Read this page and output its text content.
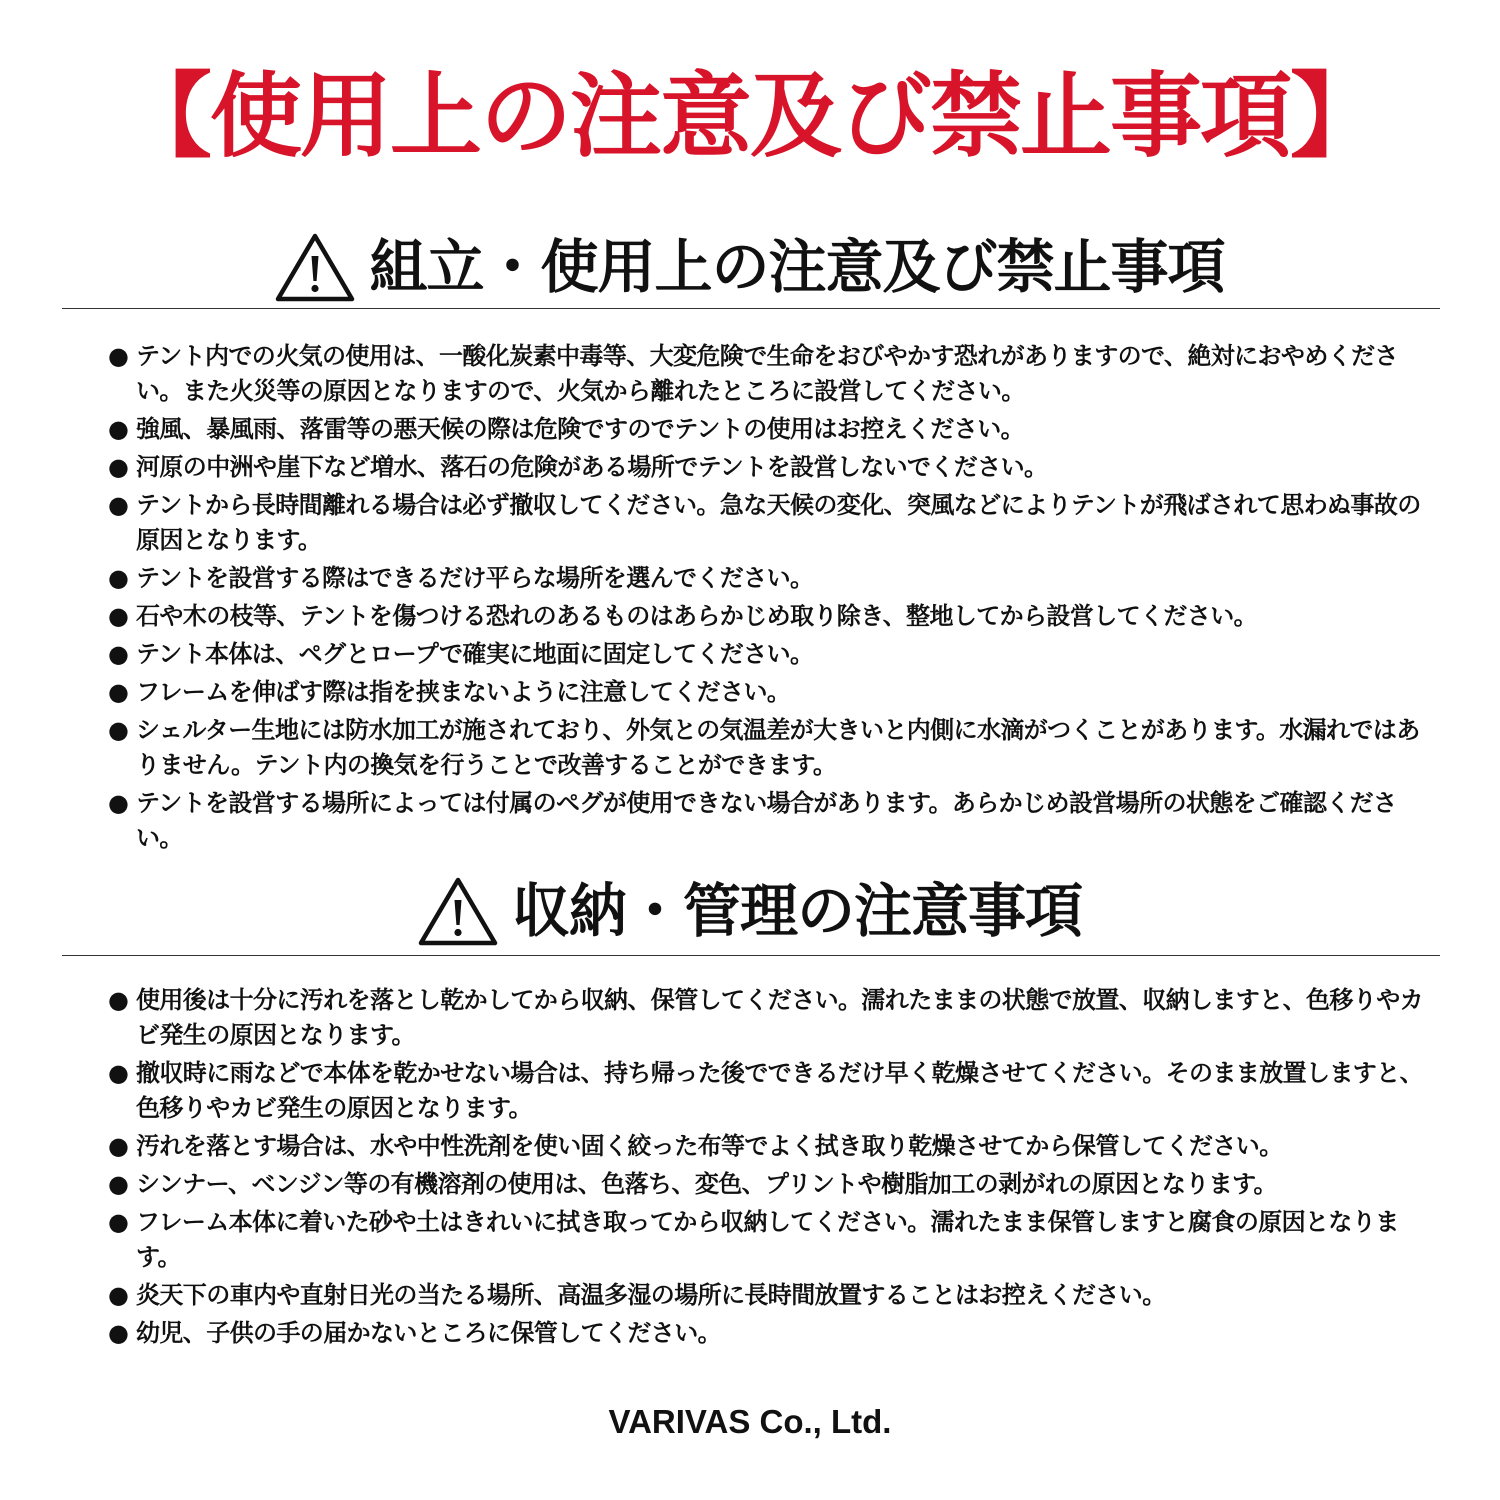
【使用上の注意及び禁止事項】
組立・使用上の注意及び禁止事項
● テント内での火気の使用は、一酸化炭素中毒等、大変危険で生命をおびやかす恐れがありますので、絶対におやめください。また火災等の原因となりますので、火気から離れたところに設営してください。
● 強風、暴風雨、落雷等の悪天候の際は危険ですのでテントの使用はお控えください。
● 河原の中洲や崖下など増水、落石の危険がある場所でテントを設営しないでください。
● テントから長時間離れる場合は必ず撤収してください。急な天候の変化、突風などによりテントが飛ばされて思わぬ事故の原因となります。
● テントを設営する際はできるだけ平らな場所を選んでください。
● 石や木の枝等、テントを傷つける恐れのあるものはあらかじめ取り除き、整地してから設営してください。
● テント本体は、ペグとロープで確実に地面に固定してください。
● フレームを伸ばす際は指を挟まないように注意してください。
● シェルター生地には防水加工が施されており、外気との気温差が大きいと内側に水滴がつくことがあります。水漏れではありません。テント内の換気を行うことで改善することができます。
● テントを設営する場所によっては付属のペグが使用できない場合があります。あらかじめ設営場所の状態をご確認ください。
収納・管理の注意事項
● 使用後は十分に汚れを落とし乾かしてから収納、保管してください。濡れたままの状態で放置、収納しますと、色移りやカビ発生の原因となります。
● 撤収時に雨などで本体を乾かせない場合は、持ち帰った後でできるだけ早く乾燥させてください。そのまま放置しますと、色移りやカビ発生の原因となります。
● 汚れを落とす場合は、水や中性洗剤を使い固く絞った布等でよく拭き取り乾燥させてから保管してください。
● シンナー、ベンジン等の有機溶剤の使用は、色落ち、変色、プリントや樹脂加工の剥がれの原因となります。
● フレーム本体に着いた砂や土はきれいに拭き取ってから収納してください。濡れたまま保管しますと腐食の原因となります。
● 炎天下の車内や直射日光の当たる場所、高温多湿の場所に長時間放置することはお控えください。
● 幼児、子供の手の届かないところに保管してください。
VARIVAS Co., Ltd.
